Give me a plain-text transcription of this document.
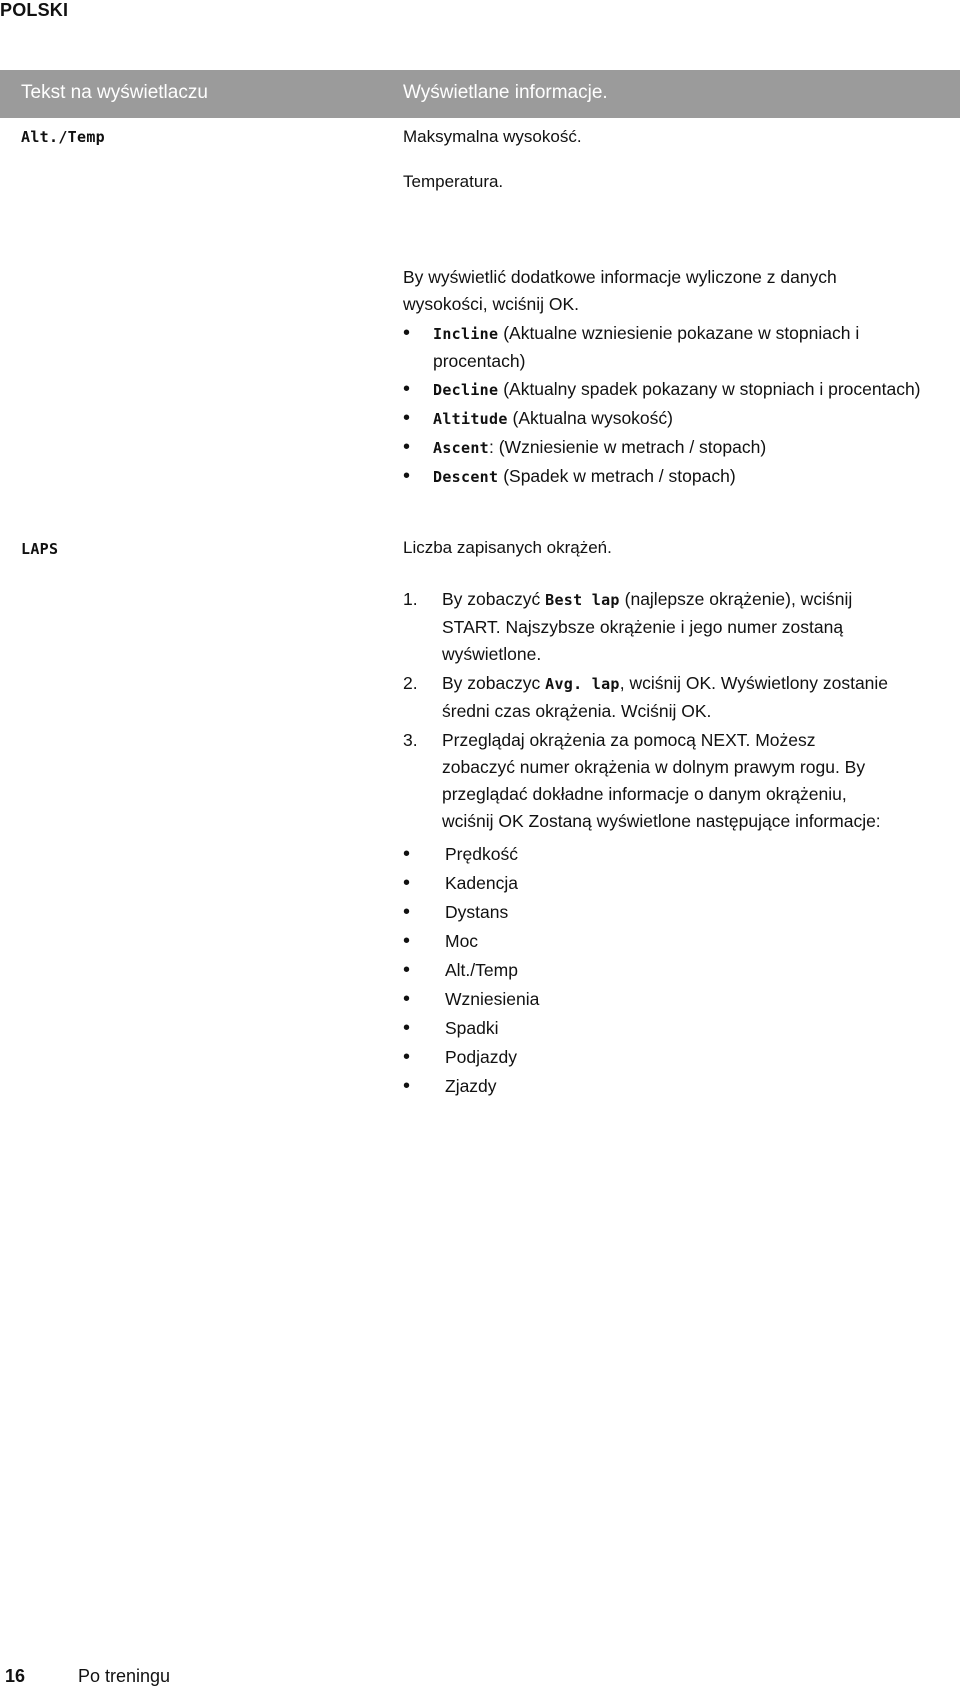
POLSKI
Tekst na wyświetlaczu	Wyświetlane informacje.
Alt./Temp	Maksymalna wysokość.
Temperatura.
By wyświetlić dodatkowe informacje wyliczone z danych wysokości, wciśnij OK.
•	Incline (Aktualne wzniesienie pokazane w stopniach i procentach)
•	Decline (Aktualny spadek pokazany w stopniach i procentach)
•	Altitude (Aktualna wysokość)
•	Ascent: (Wzniesienie w metrach / stopach)
•	Descent (Spadek w metrach / stopach)
LAPS	Liczba zapisanych okrążeń.
1.	By zobaczyć Best lap (najlepsze okrążenie), wciśnij START. Najszybsze okrążenie i jego numer zostaną wyświetlone.
2.	By zobaczyc Avg. lap, wciśnij OK. Wyświetlony zostanie średni czas okrążenia. Wciśnij OK.
3.	Przeglądaj okrążenia za pomocą NEXT. Możesz zobaczyć numer okrążenia w dolnym prawym rogu. By przeglądać dokładne informacje o danym okrążeniu, wciśnij OK Zostaną wyświetlone następujące informacje:
•	Prędkość
•	Kadencja
•	Dystans
•	Moc
•	Alt./Temp
•	Wzniesienia
•	Spadki
•	Podjazdy
•	Zjazdy
16	Po treningu
